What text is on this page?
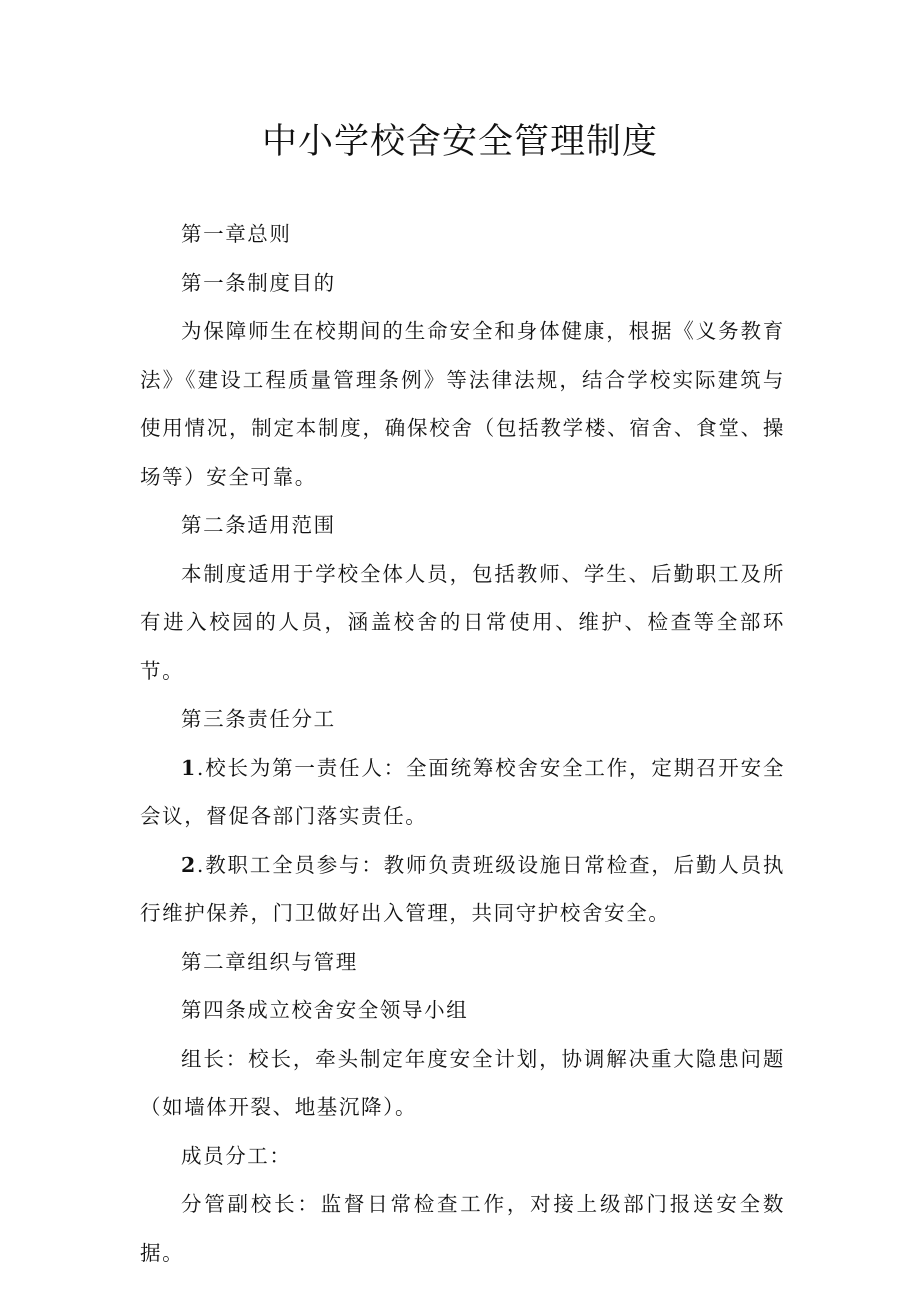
中小学校舍安全管理制度

第一章总则

第一条制度目的

为保障师生在校期间的生命安全和身体健康，根据《义务教育法》《建设工程质量管理条例》等法律法规，结合学校实际建筑与使用情况，制定本制度，确保校舍（包括教学楼、宿舍、食堂、操场等）安全可靠。

第二条适用范围

本制度适用于学校全体人员，包括教师、学生、后勤职工及所有进入校园的人员，涵盖校舍的日常使用、维护、检查等全部环节。

第三条责任分工

1.校长为第一责任人：全面统筹校舍安全工作，定期召开安全会议，督促各部门落实责任。

2.教职工全员参与：教师负责班级设施日常检查，后勤人员执行维护保养，门卫做好出入管理，共同守护校舍安全。

第二章组织与管理

第四条成立校舍安全领导小组

组长：校长，牵头制定年度安全计划，协调解决重大隐患问题（如墙体开裂、地基沉降）。

成员分工：

分管副校长：监督日常检查工作，对接上级部门报送安全数据。
